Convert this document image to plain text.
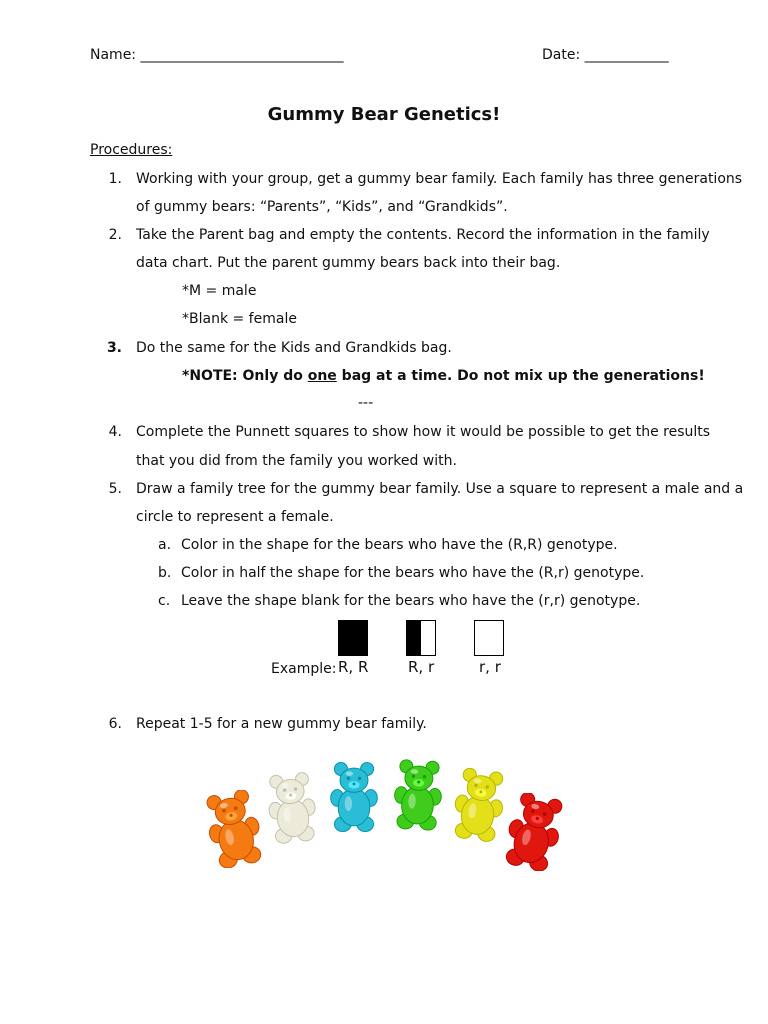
Name: _____________________________	Date: ____________
Gummy Bear Genetics!
Procedures:
1. Working with your group, get a gummy bear family. Each family has three generations
of gummy bears: “Parents”, “Kids”, and “Grandkids”.
2. Take the Parent bag and empty the contents. Record the information in the family
data chart. Put the parent gummy bears back into their bag.
*M = male
*Blank = female
3. Do the same for the Kids and Grandkids bag.
*NOTE: Only do one bag at a time. Do not mix up the generations!
---
4. Complete the Punnett squares to show how it would be possible to get the results
that you did from the family you worked with.
5. Draw a family tree for the gummy bear family. Use a square to represent a male and a
circle to represent a female.
a. Color in the shape for the bears who have the (R,R) genotype.
b. Color in half the shape for the bears who have the (R,r) genotype.
c. Leave the shape blank for the bears who have the (r,r) genotype.
Example: R, R	R, r	r, r
6. Repeat 1-5 for a new gummy bear family.
